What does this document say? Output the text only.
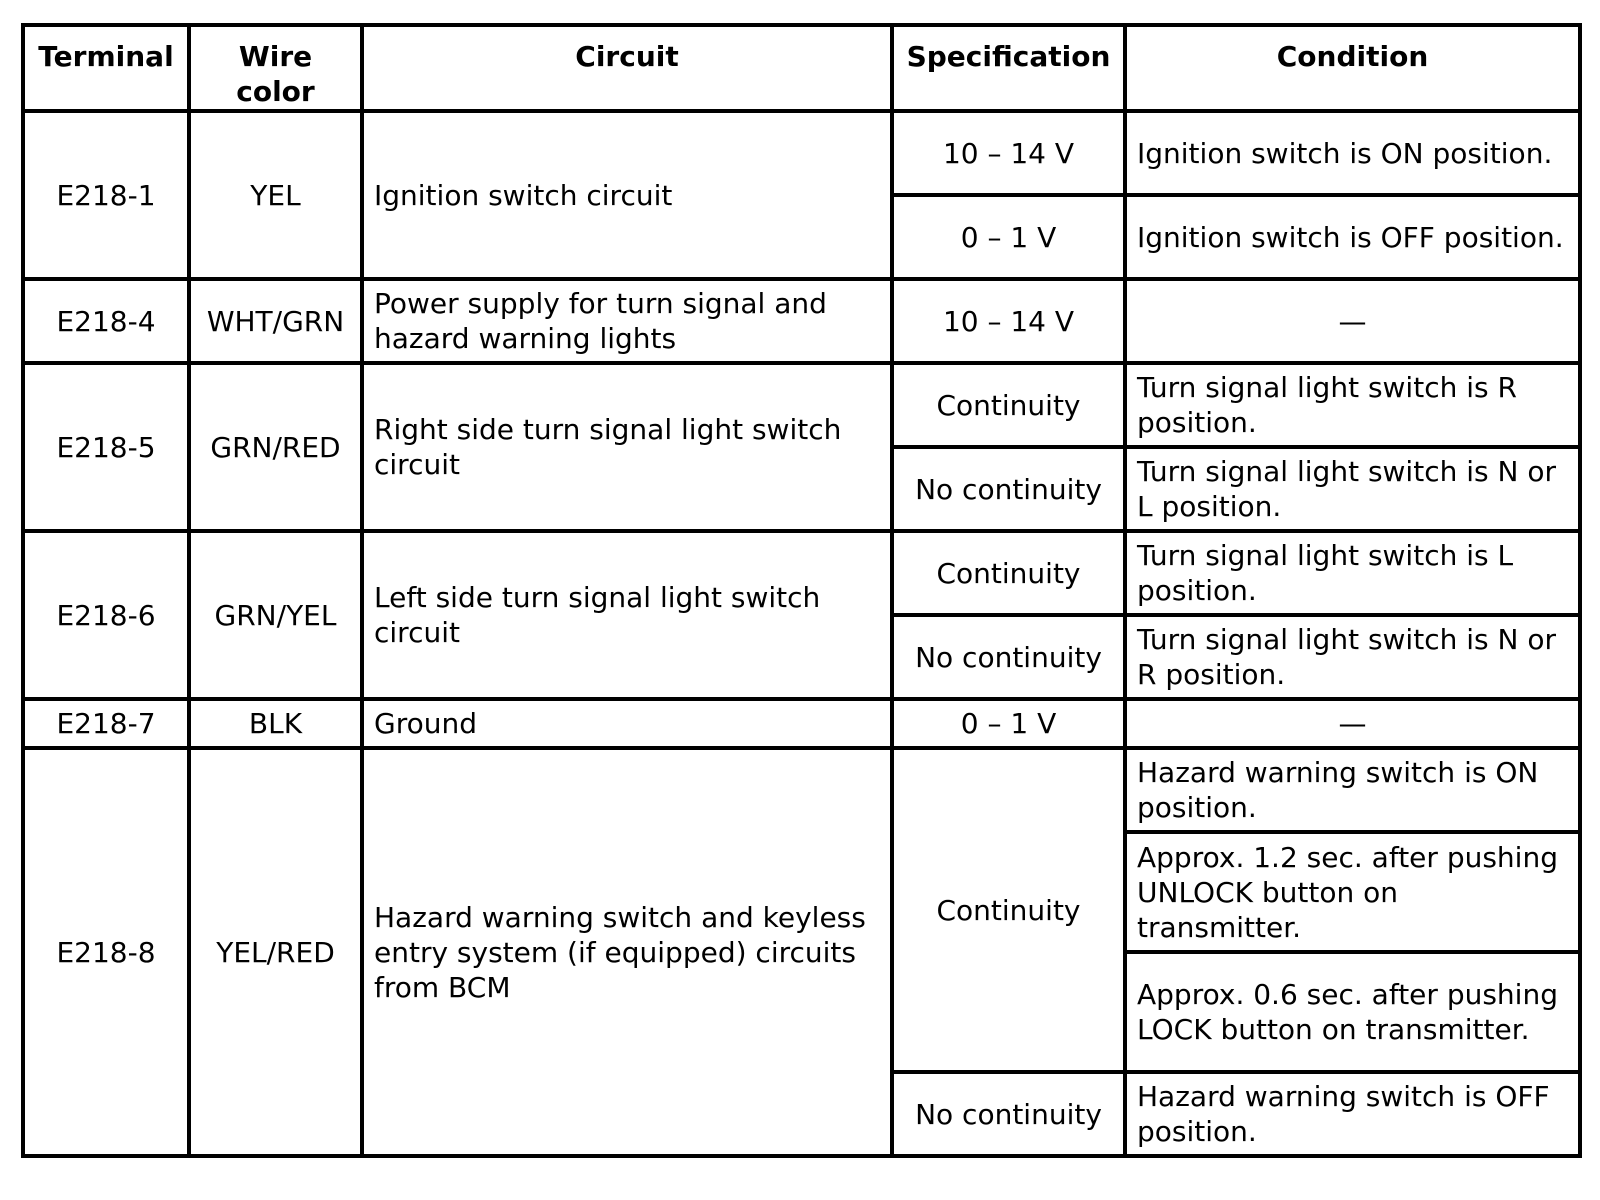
Terminal	Wire color	Circuit	Specification	Condition
E218-1	YEL	Ignition switch circuit	10 – 14 V	Ignition switch is ON position.
			0 – 1 V	Ignition switch is OFF position.
E218-4	WHT/GRN	Power supply for turn signal and hazard warning lights	10 – 14 V	—
E218-5	GRN/RED	Right side turn signal light switch circuit	Continuity	Turn signal light switch is R position.
			No continuity	Turn signal light switch is N or L position.
E218-6	GRN/YEL	Left side turn signal light switch circuit	Continuity	Turn signal light switch is L position.
			No continuity	Turn signal light switch is N or R position.
E218-7	BLK	Ground	0 – 1 V	—
E218-8	YEL/RED	Hazard warning switch and keyless entry system (if equipped) circuits from BCM	Continuity	Hazard warning switch is ON position.
				Approx. 1.2 sec. after pushing UNLOCK button on transmitter.
				Approx. 0.6 sec. after pushing LOCK button on transmitter.
			No continuity	Hazard warning switch is OFF position.
